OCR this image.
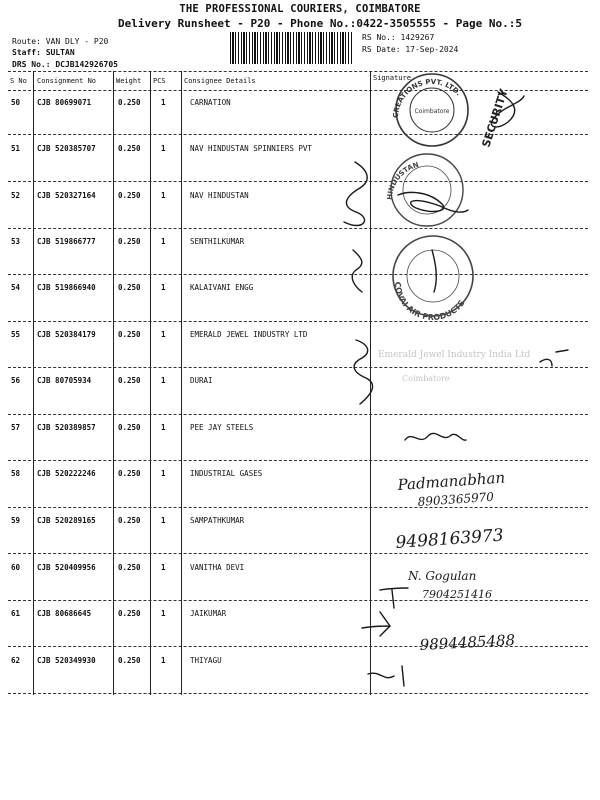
THE PROFESSIONAL COURIERS, COIMBATORE
Delivery Runsheet - P20 - Phone No.:0422-3505555 - Page No.:5
Route: VAN DLY - P20
Staff: SULTAN
DRS No.: DCJB142926705
RS No.: 1429267
RS Date: 17-Sep-2024
S No Consignment No	Weight PCS	Consignee Details	Signature
50 CJB 80699071	0.250	1	CARNATION
51 CJB 520385707	0.250	1	NAV HINDUSTAN SPINNIERS PVT
52 CJB 520327164	0.250	1	NAV HINDUSTAN
53 CJB 519866777	0.250	1	SENTHILKUMAR
54 CJB 519866940	0.250	1	KALAIVANI ENGG
55 CJB 520384179	0.250	1	EMERALD JEWEL INDUSTRY LTD
56 CJB 80705934	0.250	1	DURAI
57 CJB 520389857	0.250	1	PEE JAY STEELS
58 CJB 520222246	0.250	1	INDUSTRIAL GASES
59 CJB 520289165	0.250	1	SAMPATHKUMAR
60 CJB 520409956	0.250	1	VANITHA DEVI
61 CJB 80686645	0.250	1	JAIKUMAR
62 CJB 520349930	0.250	1	THIYAGU
CREATIONS PVT. LTD.
Coimbatore
HINDUSTAN
COVAI AIR PRODUCTS
Emerald Jewel Industry India Ltd
Coimbatore
SECURITY
Padmanabhan
8903365970
9498163973
N. Gogulan
7904251416
9894485488
